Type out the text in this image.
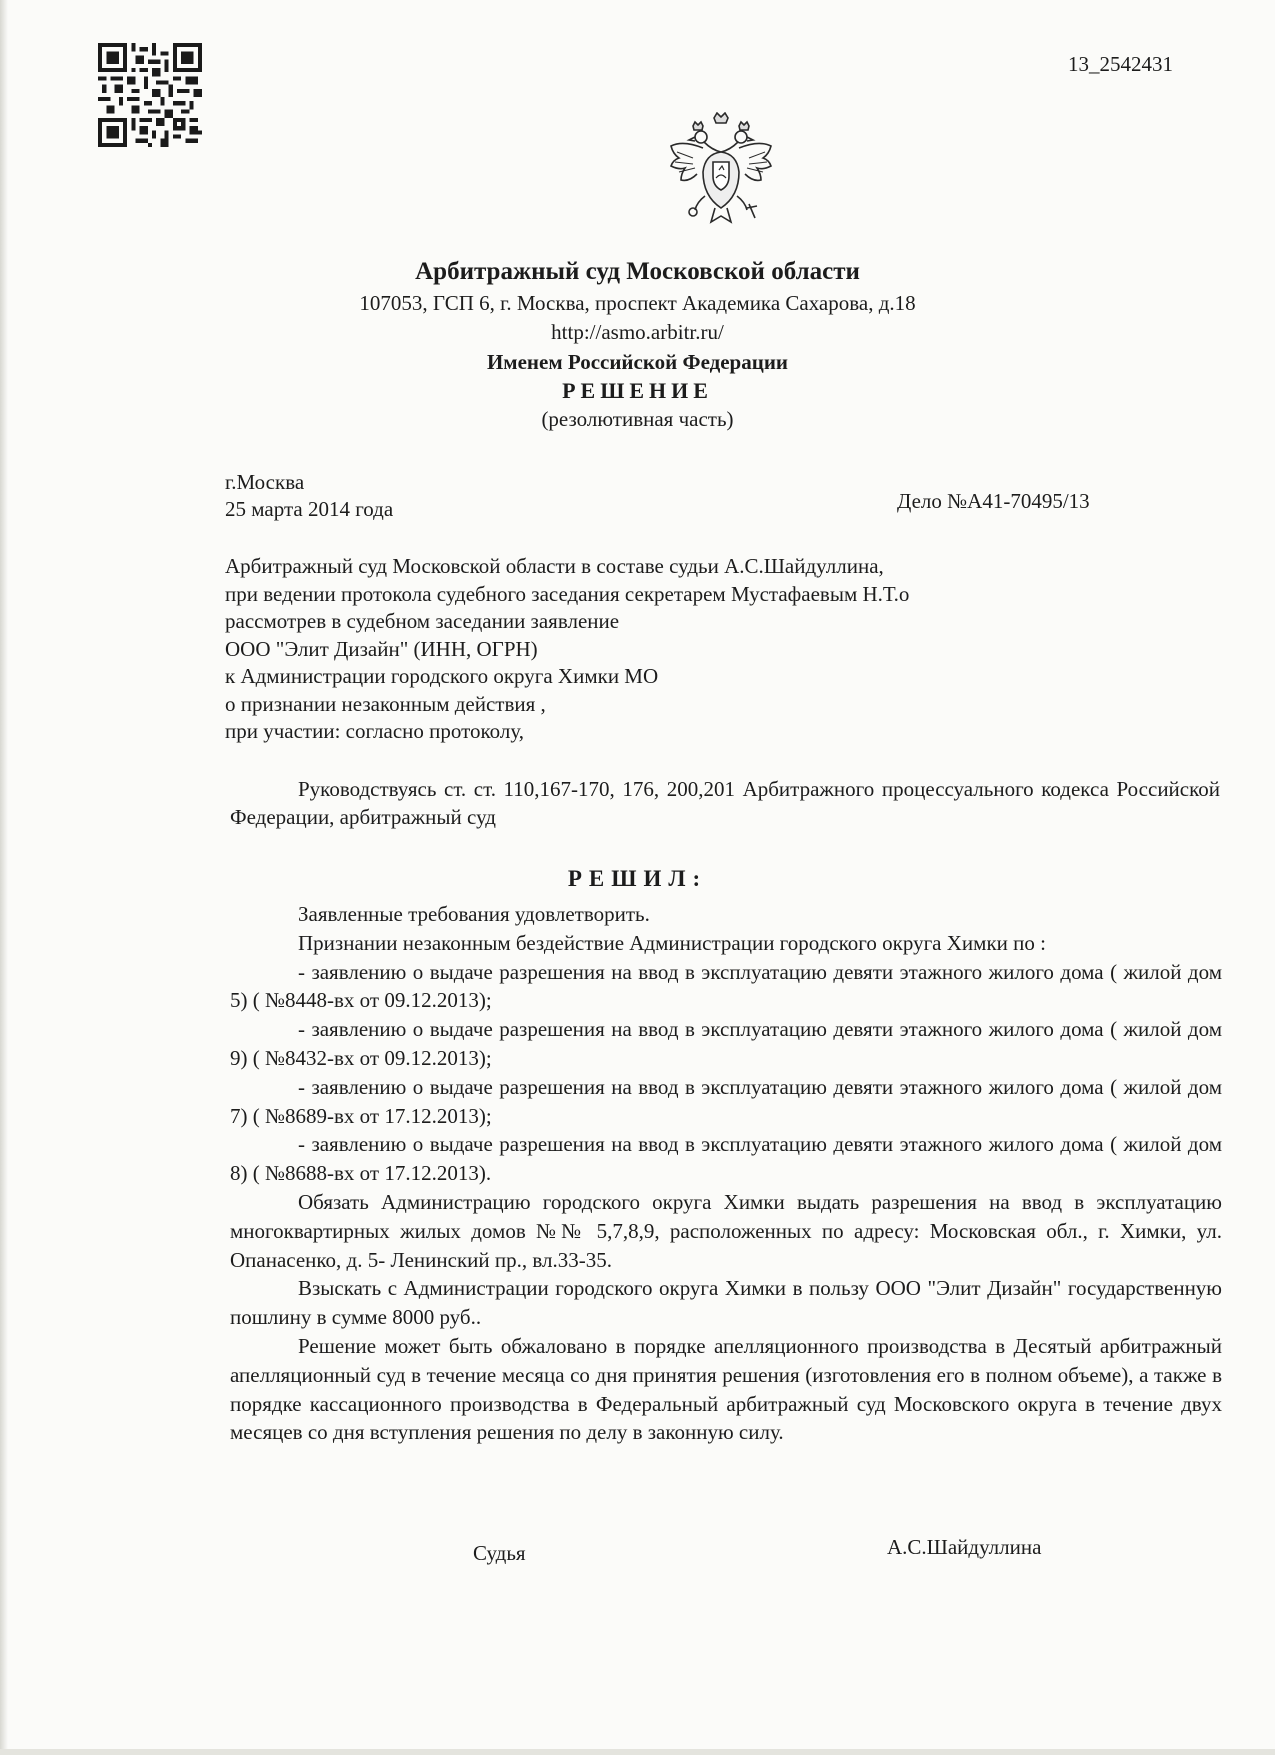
13_2542431
Арбитражный суд Московской области
107053, ГСП 6, г. Москва, проспект Академика Сахарова, д.18
http://asmo.arbitr.ru/
Именем Российской Федерации
РЕШЕНИЕ
(резолютивная часть)
г.Москва
25 марта 2014 года	Дело №А41-70495/13
Арбитражный суд Московской области в составе судьи А.С.Шайдуллина,
при ведении протокола судебного заседания секретарем Мустафаевым Н.Т.о
рассмотрев в судебном заседании заявление
ООО "Элит Дизайн" (ИНН, ОГРН)
к Администрации городского округа Химки МО
о признании незаконным действия ,
при участии: согласно протоколу,
Руководствуясь ст. ст. 110,167-170, 176, 200,201 Арбитражного процессуального кодекса Российской Федерации, арбитражный суд
РЕШИЛ:

Заявленные требования удовлетворить.

Признании незаконным бездействие Администрации городского округа Химки по :

- заявлению о выдаче разрешения на ввод в эксплуатацию девяти этажного жилого дома ( жилой дом 5) ( №8448-вх от 09.12.2013);

- заявлению о выдаче разрешения на ввод в эксплуатацию девяти этажного жилого дома ( жилой дом 9) ( №8432-вх от 09.12.2013);

- заявлению о выдаче разрешения на ввод в эксплуатацию девяти этажного жилого дома ( жилой дом 7) ( №8689-вх от 17.12.2013);

- заявлению о выдаче разрешения на ввод в эксплуатацию девяти этажного жилого дома ( жилой дом 8) ( №8688-вх от 17.12.2013).

Обязать Администрацию городского округа Химки выдать разрешения на ввод в эксплуатацию многоквартирных жилых домов №№ 5,7,8,9, расположенных по адресу: Московская обл., г. Химки, ул. Опанасенко, д. 5- Ленинский пр., вл.33-35.

Взыскать с Администрации городского округа Химки в пользу ООО "Элит Дизайн" государственную пошлину в сумме 8000 руб..

Решение может быть обжаловано в порядке апелляционного производства в Десятый арбитражный апелляционный суд в течение месяца со дня принятия решения (изготовления его в полном объеме), а также в порядке кассационного производства в Федеральный арбитражный суд Московского округа в течение двух месяцев со дня вступления решения по делу в законную силу.

Судья	А.С.Шайдуллина
